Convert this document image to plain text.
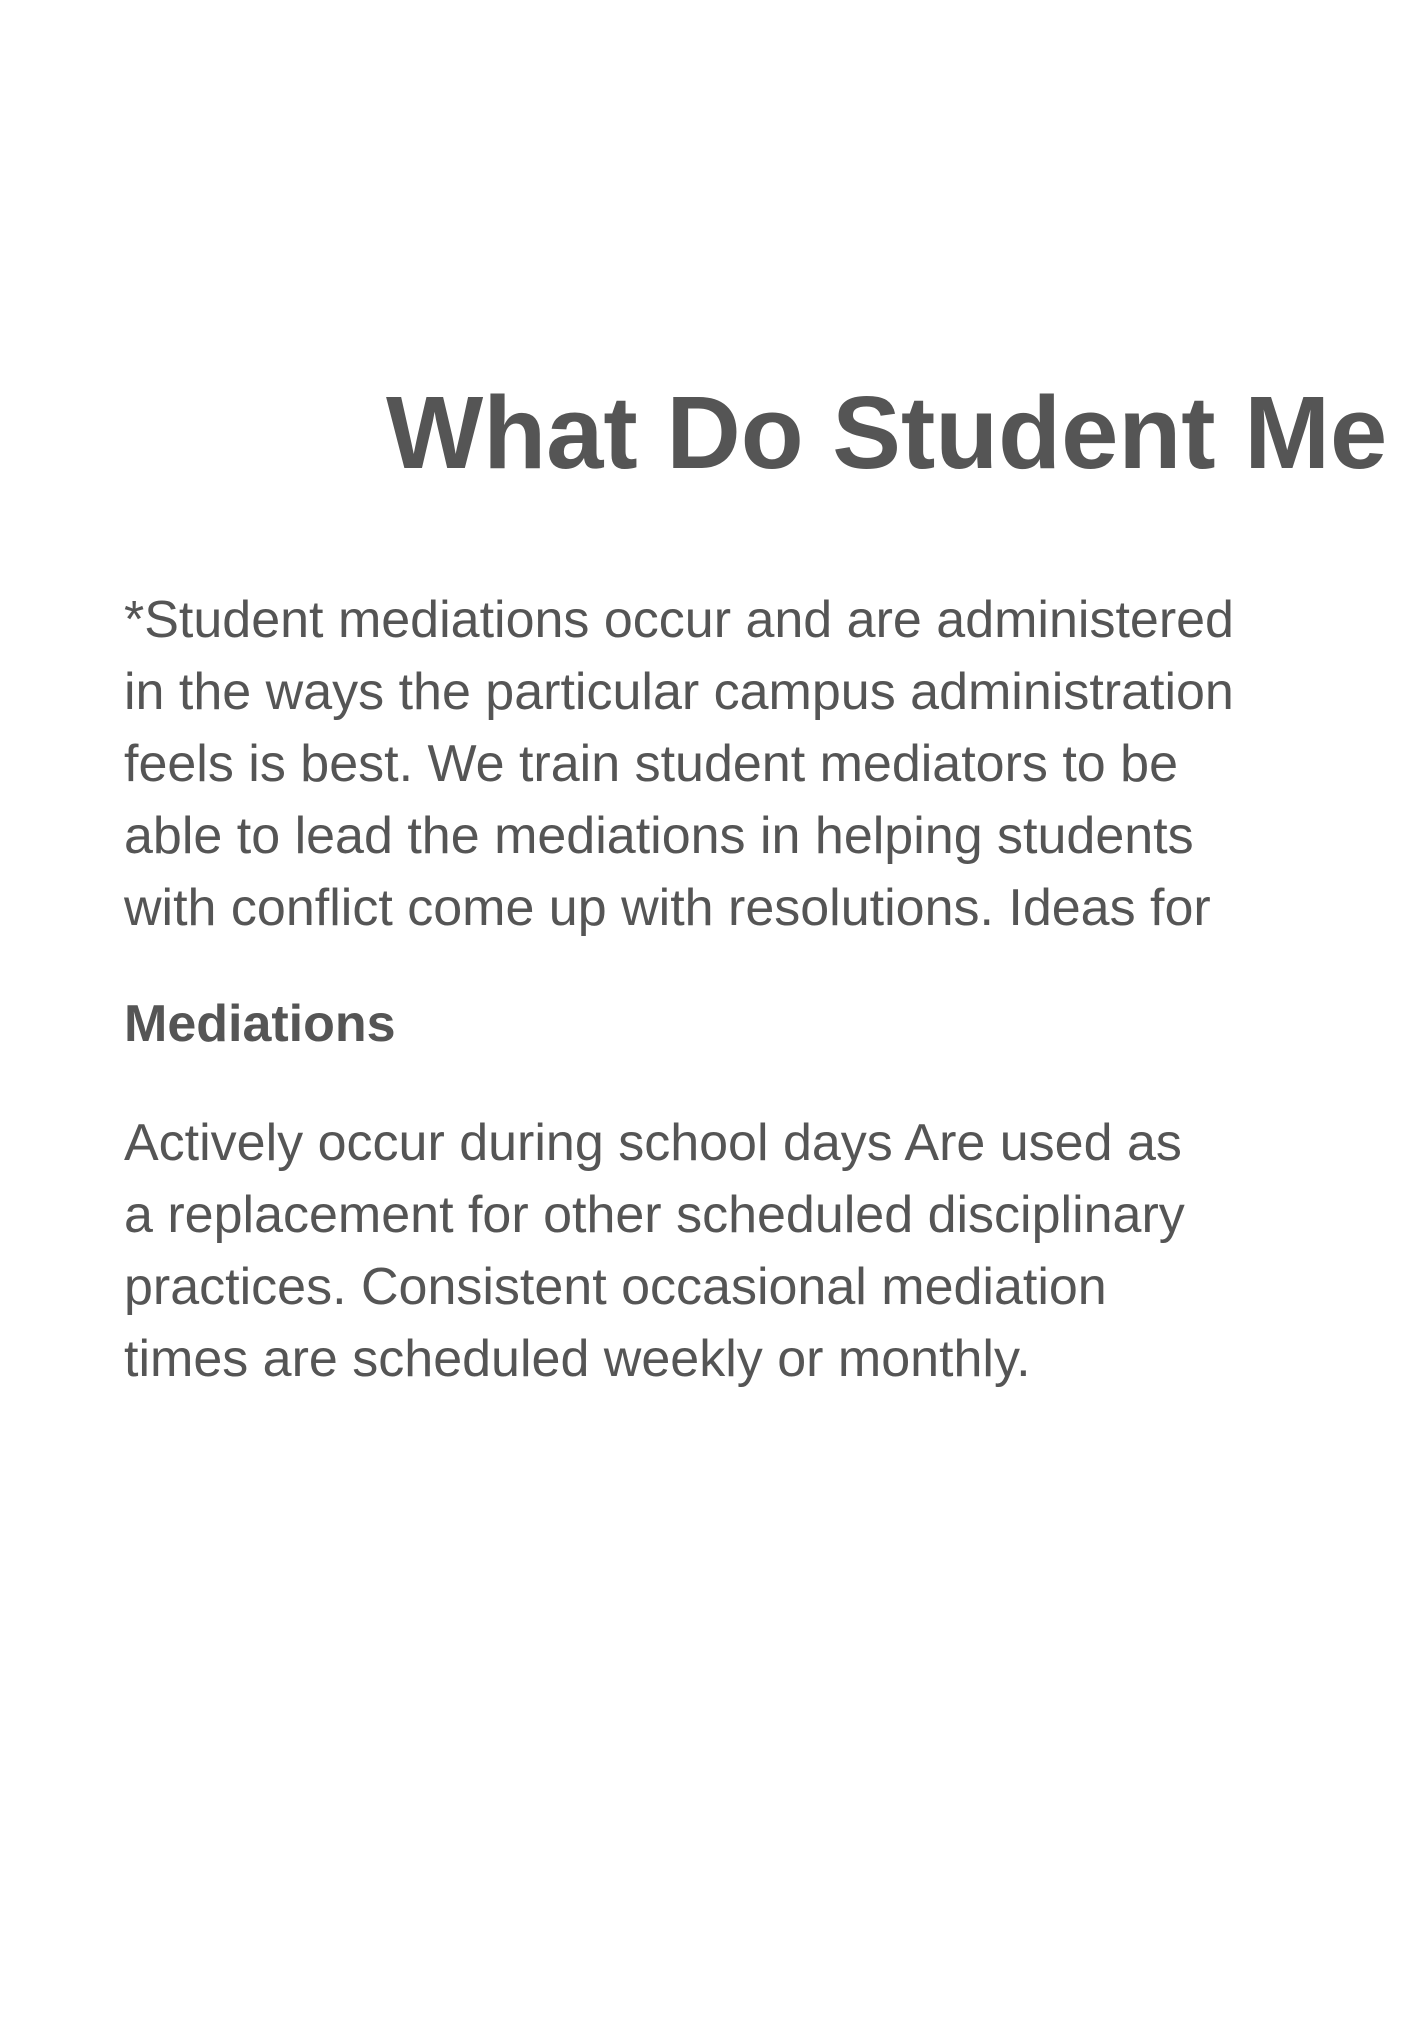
What Do Student Me

*Student mediations occur and are administered
in the ways the particular campus administration
feels is best. We train student mediators to be
able to lead the mediations in helping students
with conflict come up with resolutions. Ideas for

Mediations

Actively occur during school days Are used as
a replacement for other scheduled disciplinary
practices. Consistent occasional mediation
times are scheduled weekly or monthly.
